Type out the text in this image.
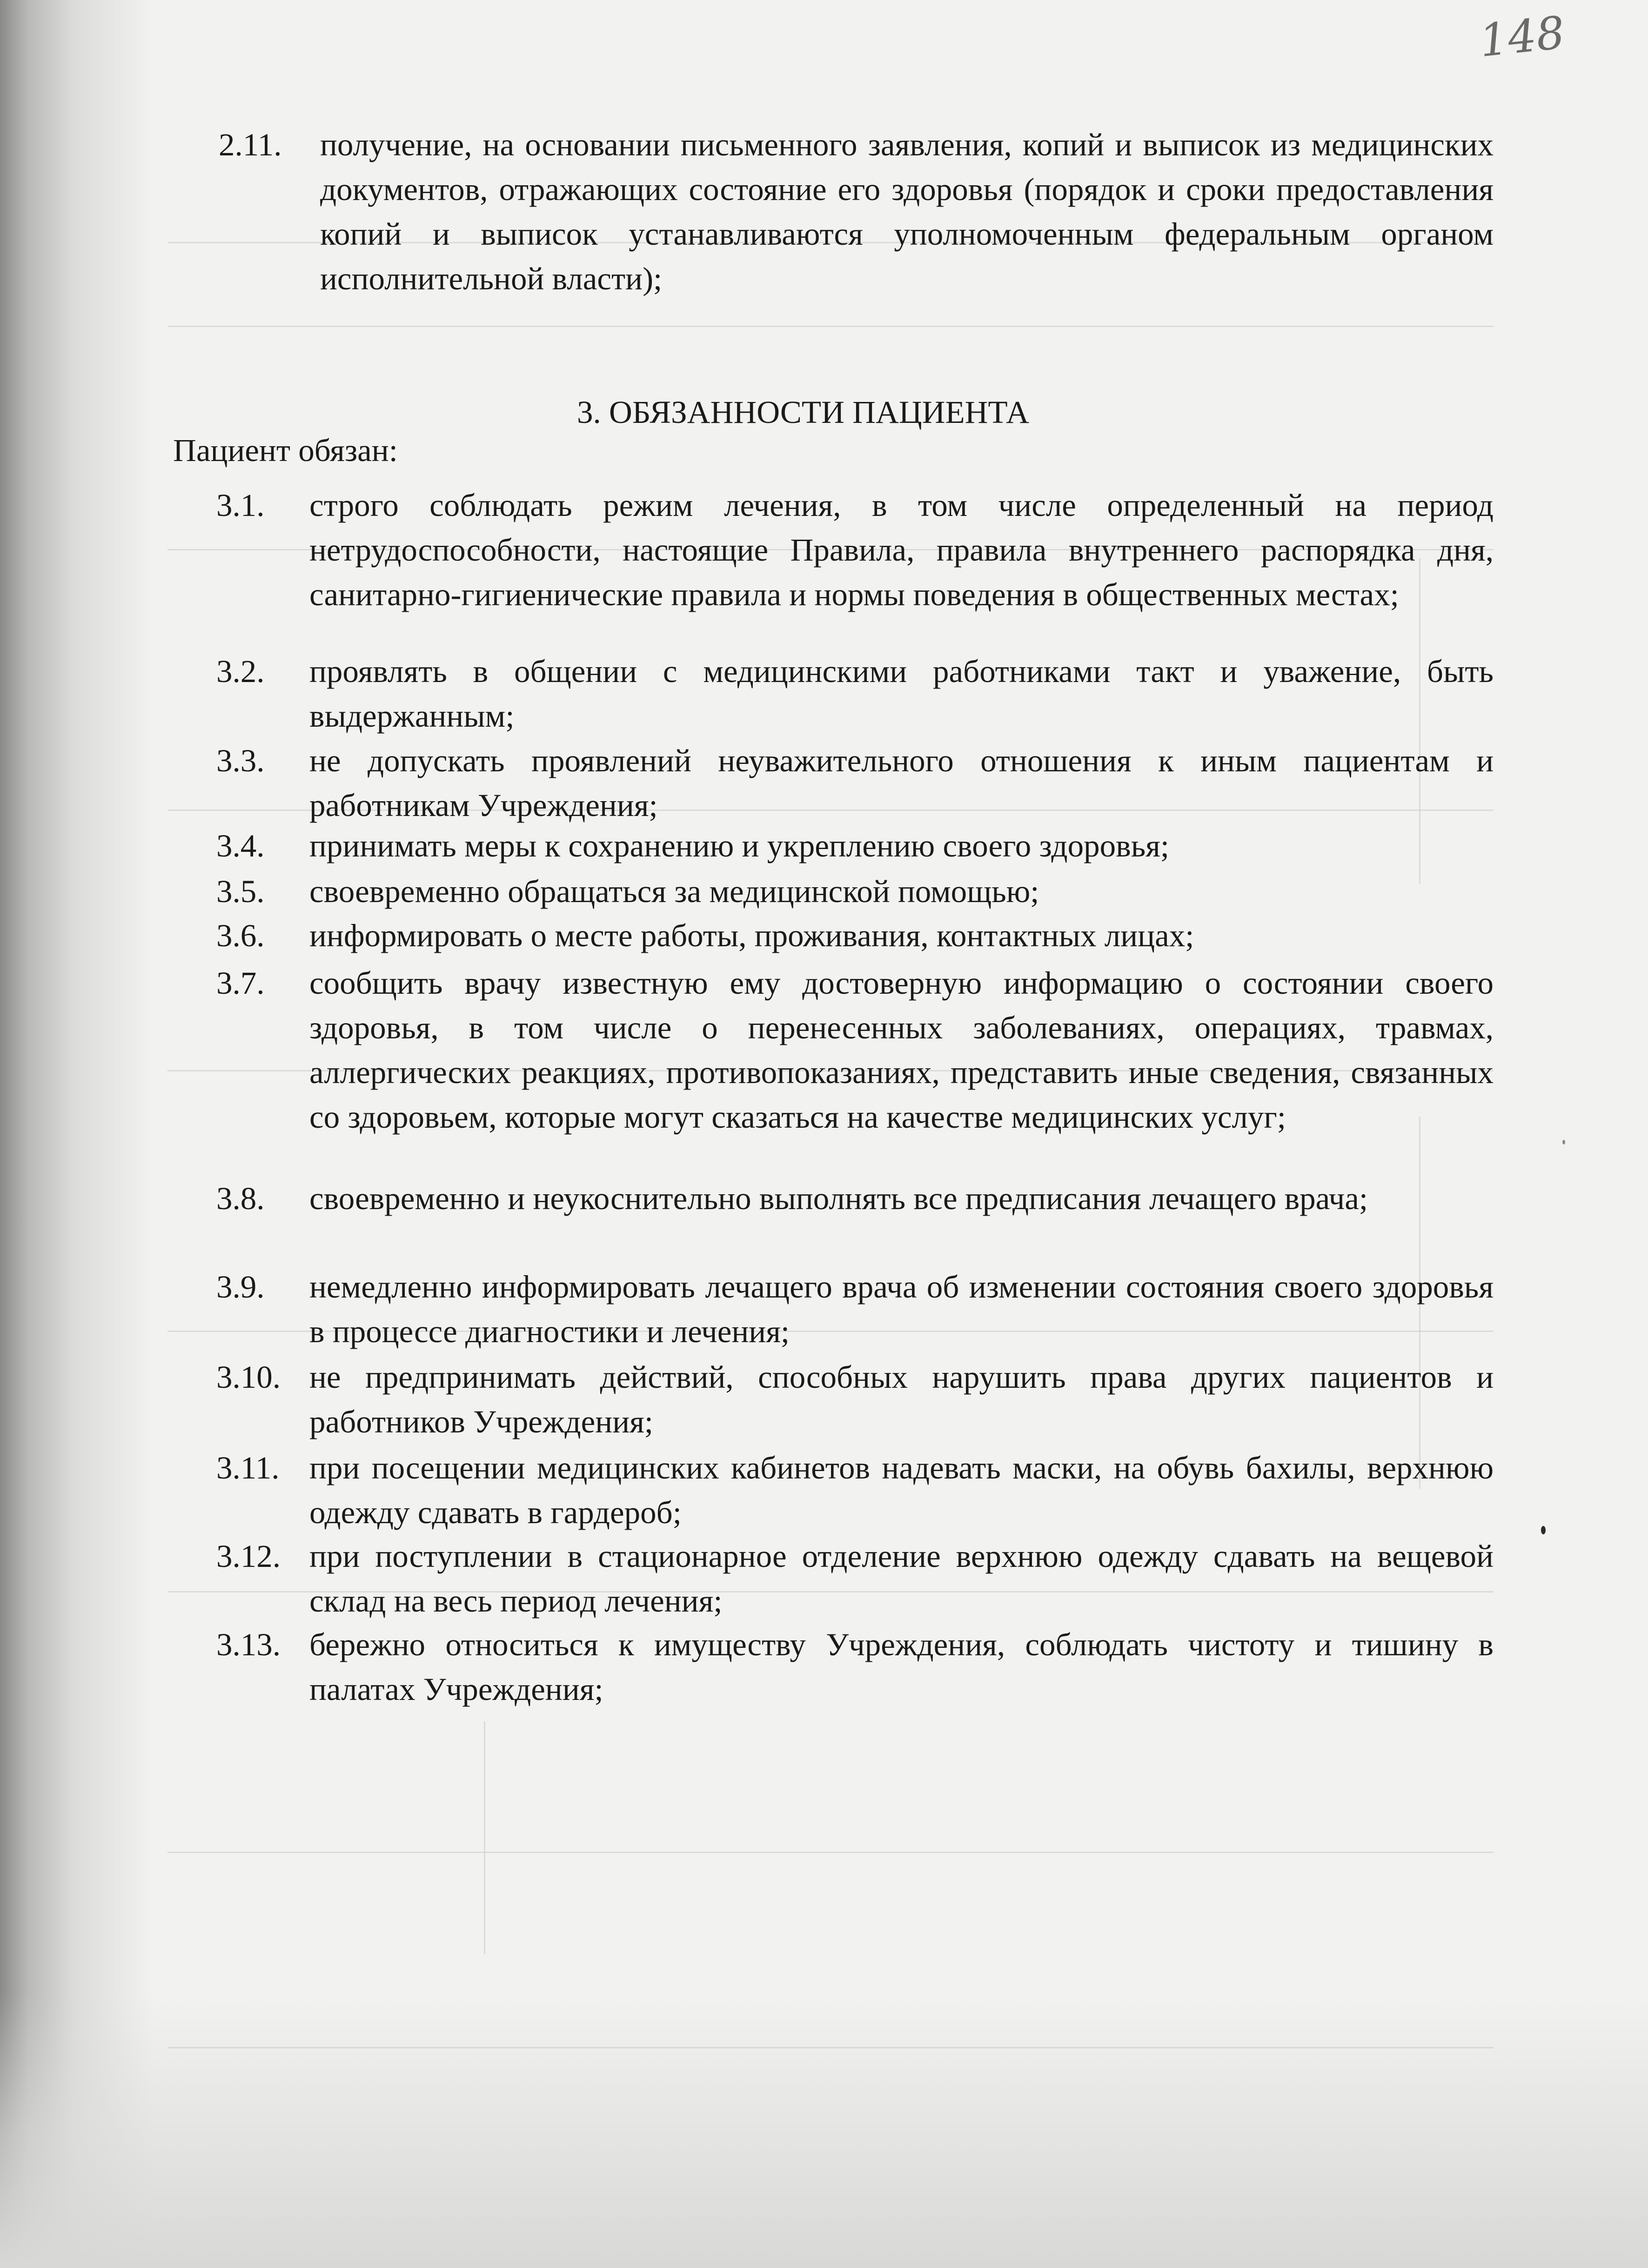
148
2.11. получение, на основании письменного заявления, копий и выписок из медицинских документов, отражающих состояние его здоровья (порядок и сроки предоставления копий и выписок устанавливаются уполномоченным федеральным органом исполнительной власти);
3. ОБЯЗАННОСТИ ПАЦИЕНТА
Пациент обязан:
3.1. строго соблюдать режим лечения, в том числе определенный на период нетрудоспособности, настоящие Правила, правила внутреннего распорядка дня, санитарно-гигиенические правила и нормы поведения в общественных местах;
3.2. проявлять в общении с медицинскими работниками такт и уважение, быть выдержанным;
3.3. не допускать проявлений неуважительного отношения к иным пациентам и работникам Учреждения;
3.4. принимать меры к сохранению и укреплению своего здоровья;
3.5. своевременно обращаться за медицинской помощью;
3.6. информировать о месте работы, проживания, контактных лицах;
3.7. сообщить врачу известную ему достоверную информацию о состоянии своего здоровья, в том числе о перенесенных заболеваниях, операциях, травмах, аллергических реакциях, противопоказаниях, представить иные сведения, связанных со здоровьем, которые могут сказаться на качестве медицинских услуг;
3.8. своевременно и неукоснительно выполнять все предписания лечащего врача;
3.9. немедленно информировать лечащего врача об изменении состояния своего здоровья в процессе диагностики и лечения;
3.10. не предпринимать действий, способных нарушить права других пациентов и работников Учреждения;
3.11. при посещении медицинских кабинетов надевать маски, на обувь бахилы, верхнюю одежду сдавать в гардероб;
3.12. при поступлении в стационарное отделение верхнюю одежду сдавать на вещевой склад на весь период лечения;
3.13. бережно относиться к имуществу Учреждения, соблюдать чистоту и тишину в палатах Учреждения;
